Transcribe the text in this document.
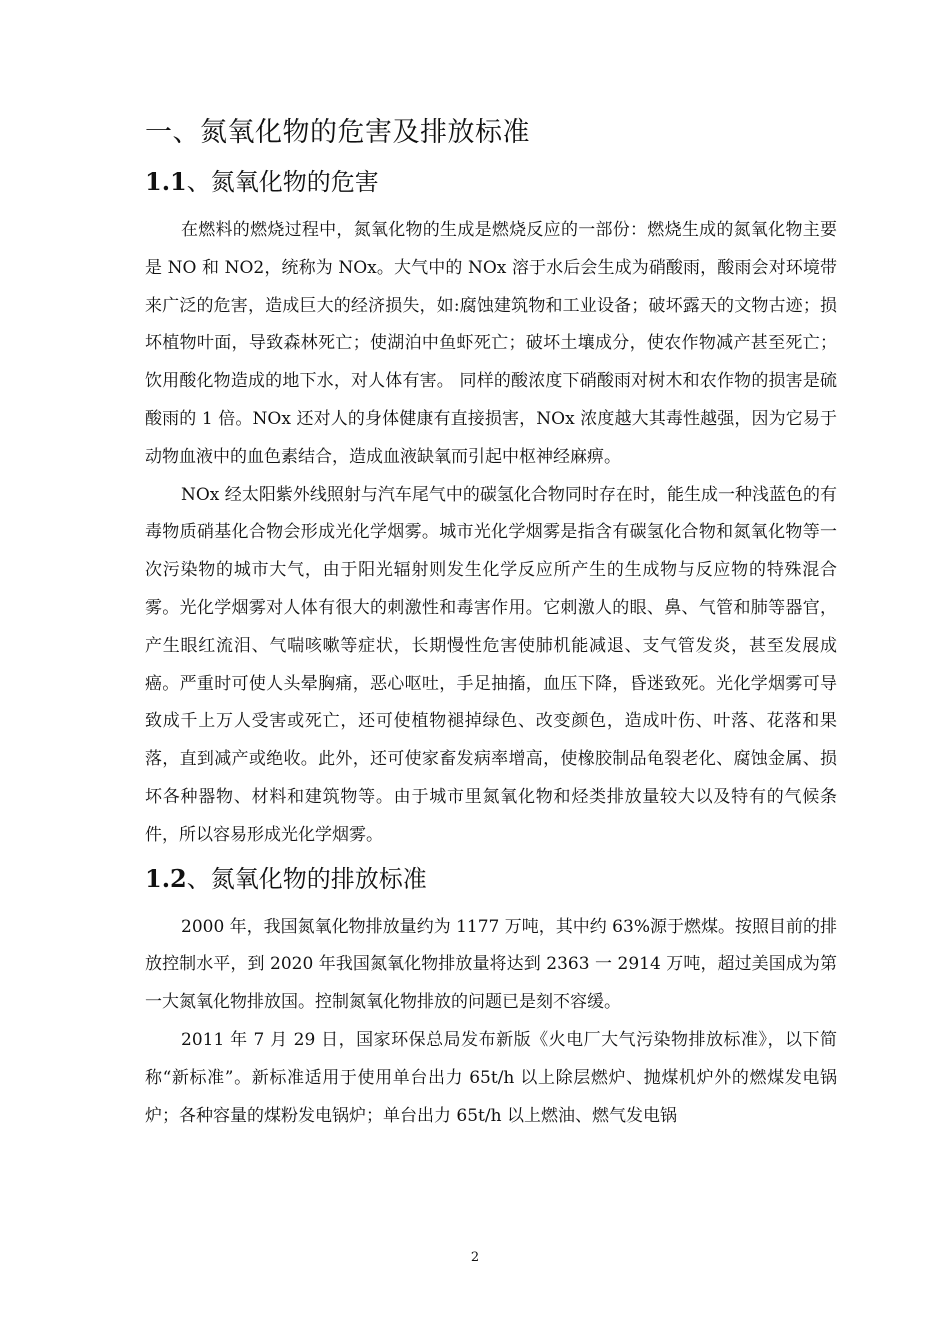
一、氮氧化物的危害及排放标准
1.1、氮氧化物的危害

在燃料的燃烧过程中，氮氧化物的生成是燃烧反应的一部份：燃烧生成的氮氧化物主要是 NO 和 NO2，统称为 NOx。大气中的 NOx 溶于水后会生成为硝酸雨，酸雨会对环境带来广泛的危害，造成巨大的经济损失，如:腐蚀建筑物和工业设备；破坏露天的文物古迹；损坏植物叶面，导致森林死亡；使湖泊中鱼虾死亡；破坏土壤成分，使农作物减产甚至死亡；饮用酸化物造成的地下水，对人体有害。 同样的酸浓度下硝酸雨对树木和农作物的损害是硫酸雨的 1 倍。NOx 还对人的身体健康有直接损害，NOx 浓度越大其毒性越强，因为它易于动物血液中的血色素结合，造成血液缺氧而引起中枢神经麻痹。

NOx 经太阳紫外线照射与汽车尾气中的碳氢化合物同时存在时，能生成一种浅蓝色的有毒物质硝基化合物会形成光化学烟雾。城市光化学烟雾是指含有碳氢化合物和氮氧化物等一次污染物的城市大气，由于阳光辐射则发生化学反应所产生的生成物与反应物的特殊混合雾。光化学烟雾对人体有很大的刺激性和毒害作用。它刺激人的眼、鼻、气管和肺等器官，产生眼红流泪、气喘咳嗽等症状，长期慢性危害使肺机能减退、支气管发炎，甚至发展成癌。严重时可使人头晕胸痛，恶心呕吐，手足抽搐，血压下降，昏迷致死。光化学烟雾可导致成千上万人受害或死亡，还可使植物褪掉绿色、改变颜色，造成叶伤、叶落、花落和果落，直到减产或绝收。此外，还可使家畜发病率增高，使橡胶制品龟裂老化、腐蚀金属、损坏各种器物、材料和建筑物等。由于城市里氮氧化物和烃类排放量较大以及特有的气候条件，所以容易形成光化学烟雾。

1.2、氮氧化物的排放标准

2000 年，我国氮氧化物排放量约为 1177 万吨，其中约 63%源于燃煤。按照目前的排放控制水平，到 2020 年我国氮氧化物排放量将达到 2363 一 2914 万吨，超过美国成为第一大氮氧化物排放国。控制氮氧化物排放的问题已是刻不容缓。

2011 年 7 月 29 日，国家环保总局发布新版《火电厂大气污染物排放标准》，以下简称“新标准”。新标准适用于使用单台出力 65t/h 以上除层燃炉、抛煤机炉外的燃煤发电锅炉；各种容量的煤粉发电锅炉；单台出力 65t/h 以上燃油、燃气发电锅

2
